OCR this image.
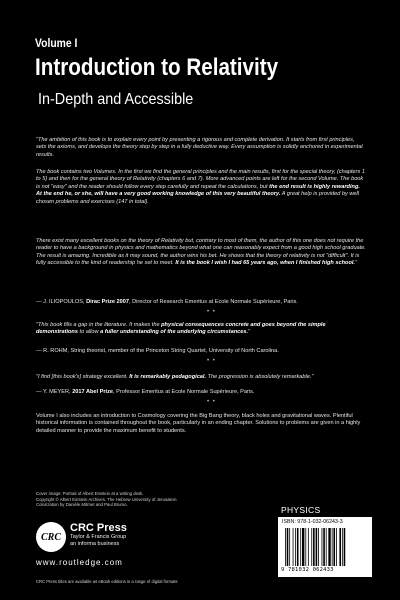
Volume I
Introduction to Relativity
In-Depth and Accessible

"The ambition of this book is to explain every point by presenting a rigorous and complete derivation. It starts from first principles, sets the axioms, and develops the theory step by step in a fully deductive way. Every assumption is solidly anchored in experimental results.

The book contains two Volumes. In the first we find the general principles and the main results, first for the special theory, (chapters 1 to 5) and then for the general theory of Relativity (chapters 6 and 7). More advanced points are left for the second Volume. The book is not "easy" and the reader should follow every step carefully and repeat the calculations, but the end result is highly rewarding. At the end he, or she, will have a very good working knowledge of this very beautiful theory. A great help is provided by well chosen problems and exercises (147 in total).

There exist many excellent books on the theory of Relativity but, contrary to most of them, the author of this one does not require the reader to have a background in physics and mathematics beyond what one can reasonably expect from a good high school graduate. The result is amazing. Incredible as it may sound, the author wins his bet. He shows that the theory of relativity is not "difficult". It is fully accessible to the kind of readership he set to meet. It is the book I wish I had 65 years ago, when I finished high school."

— J. ILIOPOULOS, Dirac Prize 2007, Director of Research Emeritus at Ecole Normale Supérieure, Paris.

• •

"This book fills a gap in the literature. It makes the physical consequences concrete and goes beyond the simple demonstrations to allow a fuller understanding of the underlying circumstances."

— R. ROHM, String theorist, member of the Princeton String Quartet, University of North Carolina.

• •

"I find [this book's] strategy excellent. It is remarkably pedagogical. The progression is absolutely remarkable."

— Y. MEYER, 2017 Abel Prize, Professor Emeritus at Ecole Normale Supérieure, Paris.

• •

Volume I also includes an introduction to Cosmology covering the Big Bang theory, black holes and gravitational waves. Plentiful historical information is contained throughout the book, particularly in an ending chapter. Solutions to problems are given in a highly detailed manner to provide the maximum benefit to students.

Cover image: Portrait of Albert Einstein at a writing desk.
Copyright © Albert Einstein Archives, The Hebrew University of Jerusalem.
Colorization by Danièle Mitrnet and Paul Brumo.
PHYSICS
CRC
CRC Press
Taylor & Francis Group
an informa business
www.routledge.com
CRC Press titles are available as eBook editions in a range of digital formats
ISBN: 978-1-032-06243-3
9 781032 062433
